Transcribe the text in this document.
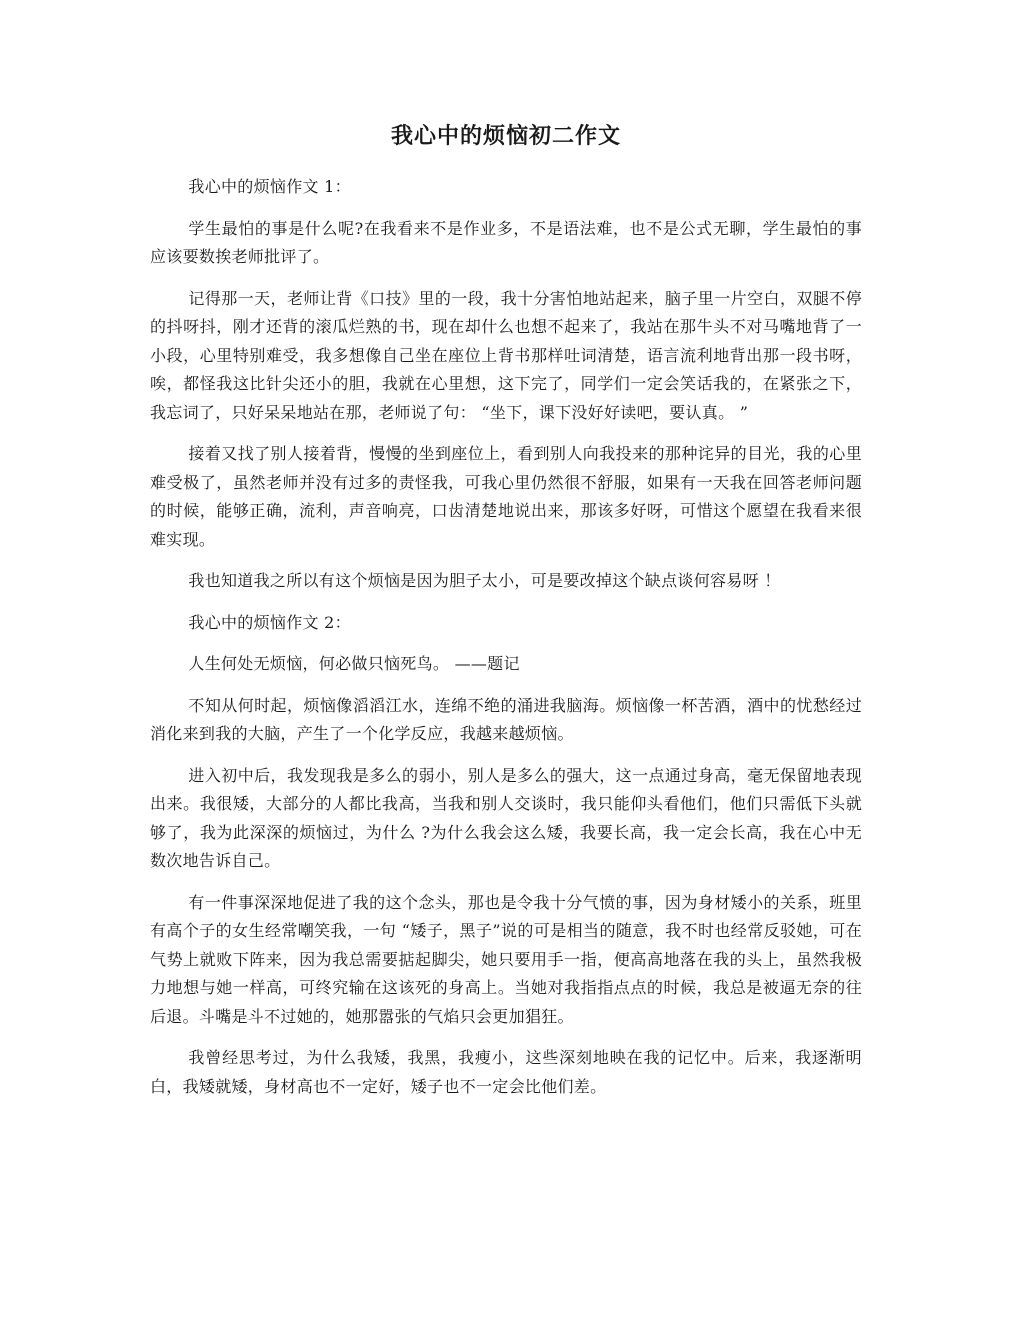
我心中的烦恼初二作文

我心中的烦恼作文 1：

学生最怕的事是什么呢?在我看来不是作业多，不是语法难，也不是公式无聊，学生最怕的事应该要数挨老师批评了。

记得那一天，老师让背《口技》里的一段，我十分害怕地站起来，脑子里一片空白，双腿不停的抖呀抖，刚才还背的滚瓜烂熟的书，现在却什么也想不起来了，我站在那牛头不对马嘴地背了一小段，心里特别难受，我多想像自己坐在座位上背书那样吐词清楚，语言流利地背出那一段书呀，唉，都怪我这比针尖还小的胆，我就在心里想，这下完了，同学们一定会笑话我的，在紧张之下，我忘词了，只好呆呆地站在那，老师说了句： “坐下，课下没好好读吧，要认真。 ”

接着又找了别人接着背，慢慢的坐到座位上，看到别人向我投来的那种诧异的目光，我的心里难受极了，虽然老师并没有过多的责怪我，可我心里仍然很不舒服，如果有一天我在回答老师问题的时候，能够正确，流利，声音响亮，口齿清楚地说出来，那该多好呀，可惜这个愿望在我看来很难实现。

我也知道我之所以有这个烦恼是因为胆子太小，可是要改掉这个缺点谈何容易呀 ！

我心中的烦恼作文 2：

人生何处无烦恼，何必做只恼死鸟。 ——题记

不知从何时起，烦恼像滔滔江水，连绵不绝的涌进我脑海。烦恼像一杯苦酒，酒中的忧愁经过消化来到我的大脑，产生了一个化学反应，我越来越烦恼。

进入初中后，我发现我是多么的弱小，别人是多么的强大，这一点通过身高，毫无保留地表现出来。我很矮，大部分的人都比我高，当我和别人交谈时，我只能仰头看他们，他们只需低下头就够了，我为此深深的烦恼过，为什么 ?为什么我会这么矮，我要长高，我一定会长高，我在心中无数次地告诉自己。

有一件事深深地促进了我的这个念头，那也是令我十分气愤的事，因为身材矮小的关系，班里有高个子的女生经常嘲笑我，一句 “矮子，黑子”说的可是相当的随意，我不时也经常反驳她，可在气势上就败下阵来，因为我总需要掂起脚尖，她只要用手一指，便高高地落在我的头上，虽然我极力地想与她一样高，可终究输在这该死的身高上。当她对我指指点点的时候，我总是被逼无奈的往后退。斗嘴是斗不过她的，她那嚣张的气焰只会更加猖狂。

我曾经思考过，为什么我矮，我黑，我瘦小，这些深刻地映在我的记忆中。后来，我逐渐明白，我矮就矮，身材高也不一定好，矮子也不一定会比他们差。
